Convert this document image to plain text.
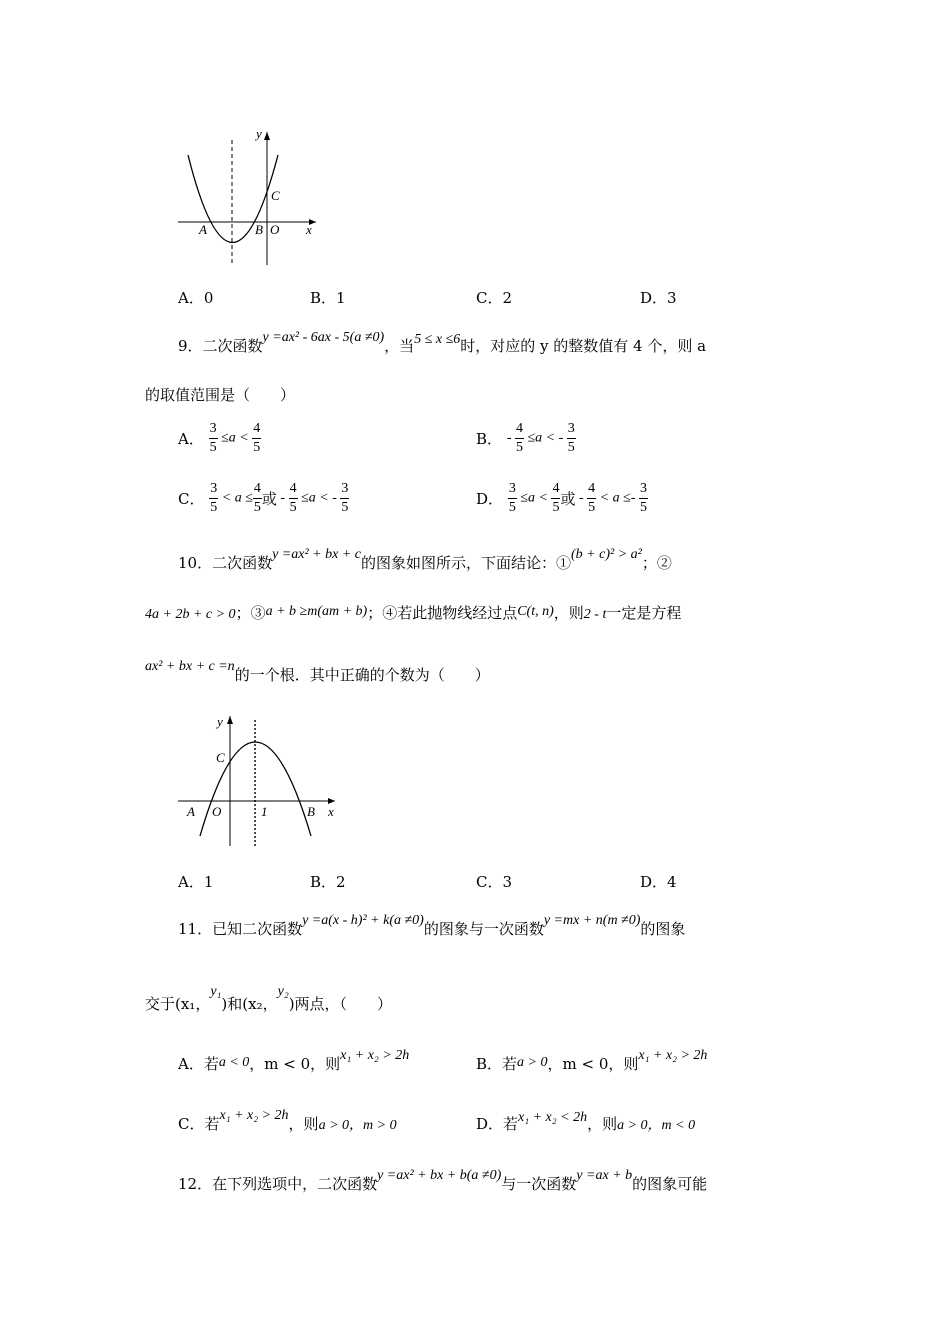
y
x
C
A	B O
A．0	B．1	C．2	D．3
9．二次函数y =ax² - 6ax - 5(a ≠0)，当5 ≤ x ≤6时，对应的 y 的整数值有 4 个，则 a
的取值范围是（　　）
A． $\frac{3}{5} \le a < \frac{4}{5}$	B． - $\frac{4}{5} \le a$ < - $\frac{3}{5}$
C． $\frac{3}{5} < a \le \frac{4}{5}$ 或 - $\frac{4}{5} \le a$ < - $\frac{3}{5}$	D． $\frac{3}{5} \le a < \frac{4}{5}$ 或 - $\frac{4}{5} < a \le- \frac{3}{5}$
10．二次函数y =ax² + bx + c的图象如图所示，下面结论：①(b + c)² > a²；②
4a + 2b + c > 0；③a + b ≥m(am + b)；④若此抛物线经过点C(t, n)，则2 - t一定是方程
ax² + bx + c =n的一个根．其中正确的个数为（　　）
y
x
C
A O	1	B
A．1	B．2	C．3	D．4
11．已知二次函数y =a(x - h)² + k(a ≠0)的图象与一次函数y =mx + n(m ≠0)的图象
交于(x₁，y₁)和(x₂，y₂)两点，（　　）
A．若a < 0，m < 0，则x₁ + x₂ > 2h	B．若a > 0，m < 0，则x₁ + x₂ > 2h
C．若x₁ + x₂ > 2h，则a > 0，m > 0	D．若x₁ + x₂ < 2h，则a > 0，m < 0
12．在下列选项中，二次函数y =ax² + bx + b(a ≠0)与一次函数y =ax + b的图象可能
